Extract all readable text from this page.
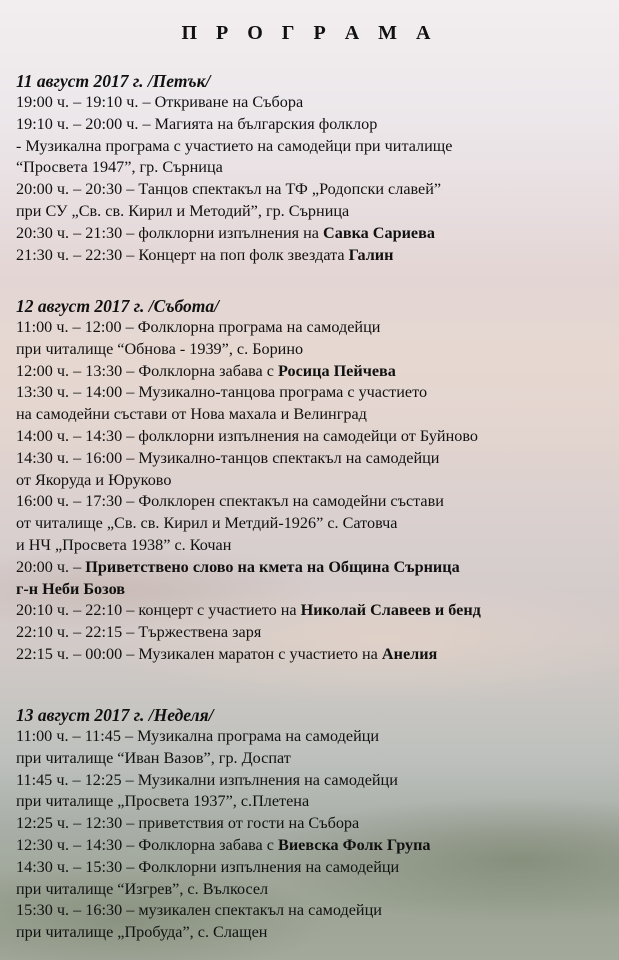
П Р О Г Р А М А
11 август 2017 г. /Петък/
19:00 ч. – 19:10 ч. – Откриване на Събора
19:10 ч. – 20:00 ч. – Магията на българския фолклор
- Музикална програма с участието на самодейци при читалище
“Просвета 1947”, гр. Сърница
20:00 ч. – 20:30 – Танцов спектакъл на ТФ „Родопски славей”
при СУ „Св. св. Кирил и Методий”, гр. Сърница
20:30 ч. – 21:30 – фолклорни изпълнения на Савка Сариева
21:30 ч. – 22:30 – Концерт на поп фолк звездата Галин
12 август 2017 г. /Събота/
11:00 ч. – 12:00 – Фолклорна програма на самодейци
при читалище “Обнова - 1939”, с. Борино
12:00 ч. – 13:30 – Фолклорна забава с Росица Пейчева
13:30 ч. – 14:00 – Музикално-танцова програма с участието
на самодейни състави от Нова махала и Велинград
14:00 ч. – 14:30 – фолклорни изпълнения на самодейци от Буйново
14:30 ч. – 16:00 – Музикално-танцов спектакъл на самодейци
от Якоруда и Юруково
16:00 ч. – 17:30 – Фолклорен спектакъл на самодейни състави
от читалище „Св. св. Кирил и Метдий-1926” с. Сатовча
и НЧ „Просвета 1938” с. Кочан
20:00 ч. – Приветствено слово на кмета на Община Сърница
г-н Неби Бозов
20:10 ч. – 22:10 – концерт с участието на Николай Славеев и бенд
22:10 ч. – 22:15 – Тържествена заря
22:15 ч. – 00:00 – Музикален маратон с участието на Анелия
13 август 2017 г. /Неделя/
11:00 ч. – 11:45 – Музикална програма на самодейци
при читалище “Иван Вазов”, гр. Доспат
11:45 ч. – 12:25 – Музикални изпълнения на самодейци
при читалище „Просвета 1937”, с.Плетена
12:25 ч. – 12:30 – приветствия от гости на Събора
12:30 ч. – 14:30 – Фолклорна забава с Виевска Фолк Група
14:30 ч. – 15:30 – Фолклорни изпълнения на самодейци
при читалище “Изгрев”, с. Вълкосел
15:30 ч. – 16:30 – музикален спектакъл на самодейци
при читалище „Пробуда”, с. Слащен
